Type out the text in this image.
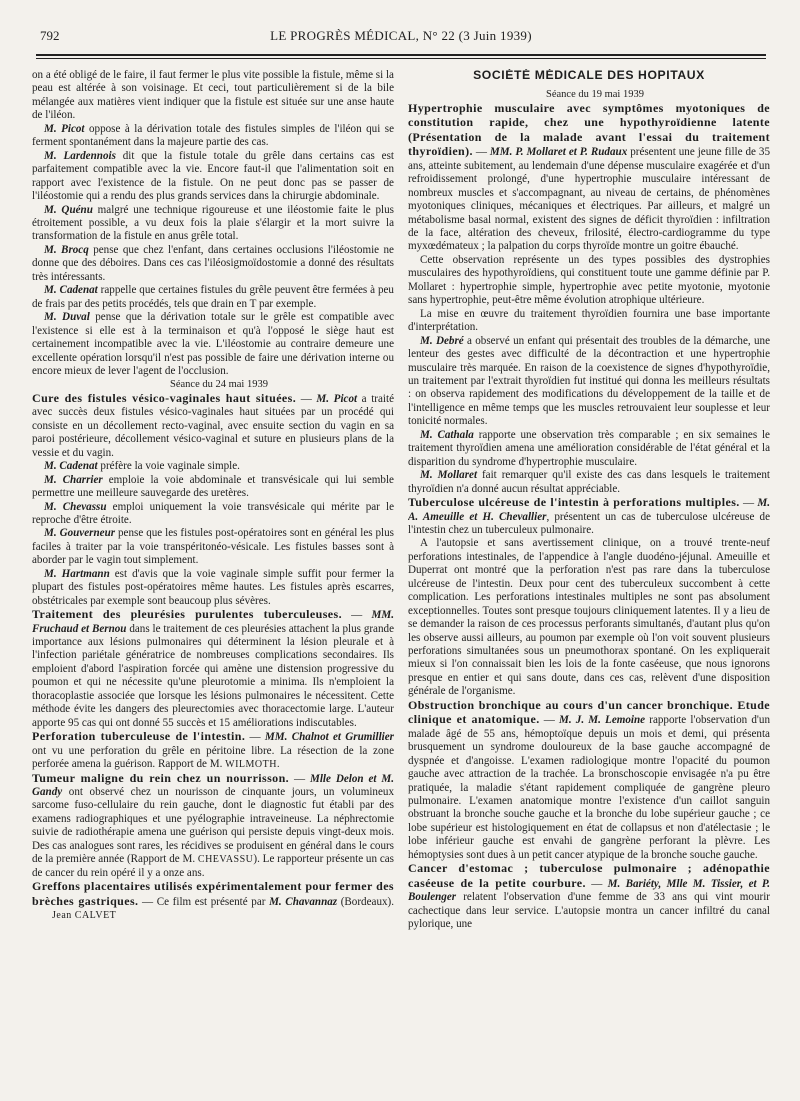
792	LE PROGRÈS MÉDICAL, N° 22 (3 Juin 1939)

on a été obligé de le faire, il faut fermer le plus vite possible la fistule, même si la peau est altérée à son voisinage. Et ceci, tout particulièrement si de la bile mélangée aux matières vient indiquer que la fistule est située sur une anse haute de l'iléon.

M. Picot oppose à la dérivation totale des fistules simples de l'iléon qui se ferment spontanément dans la majeure partie des cas.

M. Lardennois dit que la fistule totale du grêle dans certains cas est parfaitement compatible avec la vie. Encore faut-il que l'alimentation soit en rapport avec l'existence de la fistule. On ne peut donc pas se passer de l'iléostomie qui a rendu des plus grands services dans la chirurgie abdominale.

M. Quénu malgré une technique rigoureuse et une iléostomie faite le plus étroitement possible, a vu deux fois la plaie s'élargir et la mort suivre la transformation de la fistule en anus grêle total.

M. Brocq pense que chez l'enfant, dans certaines occlusions l'iléostomie ne donne que des déboires. Dans ces cas l'iléosigmoïdostomie a donné des résultats très intéressants.

M. Cadenat rappelle que certaines fistules du grêle peuvent être fermées à peu de frais par des petits procédés, tels que drain en T par exemple.

M. Duval pense que la dérivation totale sur le grêle est compatible avec l'existence si elle est à la terminaison et qu'à l'opposé le siège haut est certainement incompatible avec la vie. L'iléostomie au contraire demeure une excellente opération lorsqu'il n'est pas possible de faire une dérivation interne ou encore mieux de lever l'agent de l'occlusion.

Séance du 24 mai 1939

Cure des fistules vésico-vaginales haut situées. — M. Picot a traité avec succès deux fistules vésico-vaginales haut situées par un procédé qui consiste en un décollement recto-vaginal, avec ensuite section du vagin en sa paroi postérieure, décollement vésico-vaginal et suture en plusieurs plans de la vessie et du vagin.

M. Cadenat préfère la voie vaginale simple.

M. Charrier emploie la voie abdominale et transvésicale qui lui semble permettre une meilleure sauvegarde des uretères.

M. Chevassu emploi uniquement la voie transvésicale qui mérite par le reproche d'être étroite.

M. Gouverneur pense que les fistules post-opératoires sont en général les plus faciles à traiter par la voie transpéritonéo-vésicale. Les fistules basses sont à aborder par le vagin tout simplement.

M. Hartmann est d'avis que la voie vaginale simple suffit pour fermer la plupart des fistules post-opératoires même hautes. Les fistules après escarres, obstétricales par exemple sont beaucoup plus sévères.

Traitement des pleurésies purulentes tuberculeuses. — MM. Fruchaud et Bernou dans le traitement de ces pleurésies attachent la plus grande importance aux lésions pulmonaires qui déterminent la lésion pleurale et à l'infection pariétale génératrice de nombreuses complications secondaires. Ils emploient d'abord l'aspiration forcée qui amène une distension progressive du poumon et qui ne nécessite qu'une pleurotomie a minima. Ils n'emploient la thoracoplastie associée que lorsque les lésions pulmonaires le nécessitent. Cette méthode évite les dangers des pleurectomies avec thoracectomie large. L'auteur apporte 95 cas qui ont donné 55 succès et 15 améliorations indiscutables.

Perforation tuberculeuse de l'intestin. — MM. Chalnot et Grumillier ont vu une perforation du grêle en péritoine libre. La résection de la zone perforée amena la guérison. Rapport de M. WILMOTH.

Tumeur maligne du rein chez un nourrisson. — Mlle Delon et M. Gandy ont observé chez un nourisson de cinquante jours, un volumineux sarcome fuso-cellulaire du rein gauche, dont le diagnostic fut établi par des examens radiographiques et une pyélographie intraveineuse. La néphrectomie suivie de radiothérapie amena une guérison qui persiste depuis vingt-deux mois. Des cas analogues sont rares, les récidives se produisent en général dans le cours de la première année (Rapport de M. CHEVASSU). Le rapporteur présente un cas de cancer du rein opéré il y a onze ans.

Greffons placentaires utilisés expérimentalement pour fermer des brèches gastriques. — Ce film est présenté par M. Chavannaz (Bordeaux).Jean CALVET

SOCIÉTÉ MÉDICALE DES HOPITAUX

Séance du 19 mai 1939

Hypertrophie musculaire avec symptômes myotoniques de constitution rapide, chez une hypothyroïdienne latente (Présentation de la malade avant l'essai du traitement thyroïdien). — MM. P. Mollaret et P. Rudaux présentent une jeune fille de 35 ans, atteinte subitement, au lendemain d'une dépense musculaire exagérée et d'un refroidissement prolongé, d'une hypertrophie musculaire intéressant de nombreux muscles et s'accompagnant, au niveau de certains, de phénomènes myotoniques cliniques, mécaniques et électriques. Par ailleurs, et malgré un métabolisme basal normal, existent des signes de déficit thyroïdien : infiltration de la face, altération des cheveux, frilosité, électro-cardiogramme du type myxœdémateux ; la palpation du corps thyroïde montre un goitre ébauché.

Cette observation représente un des types possibles des dystrophies musculaires des hypothyroïdiens, qui constituent toute une gamme définie par P. Mollaret : hypertrophie simple, hypertrophie avec petite myotonie, myotonie sans hypertrophie, peut-être même évolution atrophique ultérieure.

La mise en œuvre du traitement thyroïdien fournira une base importante d'interprétation.

M. Debré a observé un enfant qui présentait des troubles de la démarche, une lenteur des gestes avec difficulté de la décontraction et une hypertrophie musculaire très marquée. En raison de la coexistence de signes d'hypothyroïdie, un traitement par l'extrait thyroïdien fut institué qui donna les meilleurs résultats : on observa rapidement des modifications du développement de la taille et de l'intelligence en même temps que les muscles retrouvaient leur souplesse et leur tonicité normales.

M. Cathala rapporte une observation très comparable ; en six semaines le traitement thyroïdien amena une amélioration considérable de l'état général et la disparition du syndrome d'hypertrophie musculaire.

M. Mollaret fait remarquer qu'il existe des cas dans lesquels le traitement thyroïdien n'a donné aucun résultat appréciable.

Tuberculose ulcéreuse de l'intestin à perforations multiples. — M. A. Ameuille et H. Chevallier, présentent un cas de tuberculose ulcéreuse de l'intestin chez un tuberculeux pulmonaire.

A l'autopsie et sans avertissement clinique, on a trouvé trente-neuf perforations intestinales, de l'appendice à l'angle duodéno-jéjunal. Ameuille et Duperrat ont montré que la perforation n'est pas rare dans la tuberculose ulcéreuse de l'intestin. Deux pour cent des tuberculeux succombent à cette complication. Les perforations intestinales multiples ne sont pas absolument exceptionnelles. Toutes sont presque toujours cliniquement latentes. Il y a lieu de se demander la raison de ces processus perforants simultanés, d'autant plus qu'on les observe aussi ailleurs, au poumon par exemple où l'on voit souvent plusieurs perforations simultanées sous un pneumothorax spontané. On les expliquerait mieux si l'on connaissait bien les lois de la fonte caséeuse, que nous ignorons presque en entier et qui sans doute, dans ces cas, relèvent d'une disposition générale de l'organisme.

Obstruction bronchique au cours d'un cancer bronchique. Etude clinique et anatomique. — M. J. M. Lemoine rapporte l'observation d'un malade âgé de 55 ans, hémoptoïque depuis un mois et demi, qui présenta brusquement un syndrome douloureux de la base gauche accompagné de dyspnée et d'angoisse. L'examen radiologique montre l'opacité du poumon gauche avec attraction de la trachée. La bronschoscopie envisagée n'a pu être pratiquée, la maladie s'étant rapidement compliquée de gangrène pleuro pulmonaire. L'examen anatomique montre l'existence d'un caillot sanguin obstruant la bronche souche gauche et la bronche du lobe supérieur gauche ; ce lobe supérieur est histologiquement en état de collapsus et non d'atélectasie ; le lobe inférieur gauche est envahi de gangrène perforant la plèvre. Les hémoptysies sont dues à un petit cancer atypique de la bronche souche gauche.

Cancer d'estomac ; tuberculose pulmonaire ; adénopathie caséeuse de la petite courbure. — M. Bariéty, Mlle M. Tissier, et P. Boulenger relatent l'observation d'une femme de 33 ans qui vint mourir cachectique dans leur service. L'autopsie montra un cancer infiltré du canal pylorique, une
